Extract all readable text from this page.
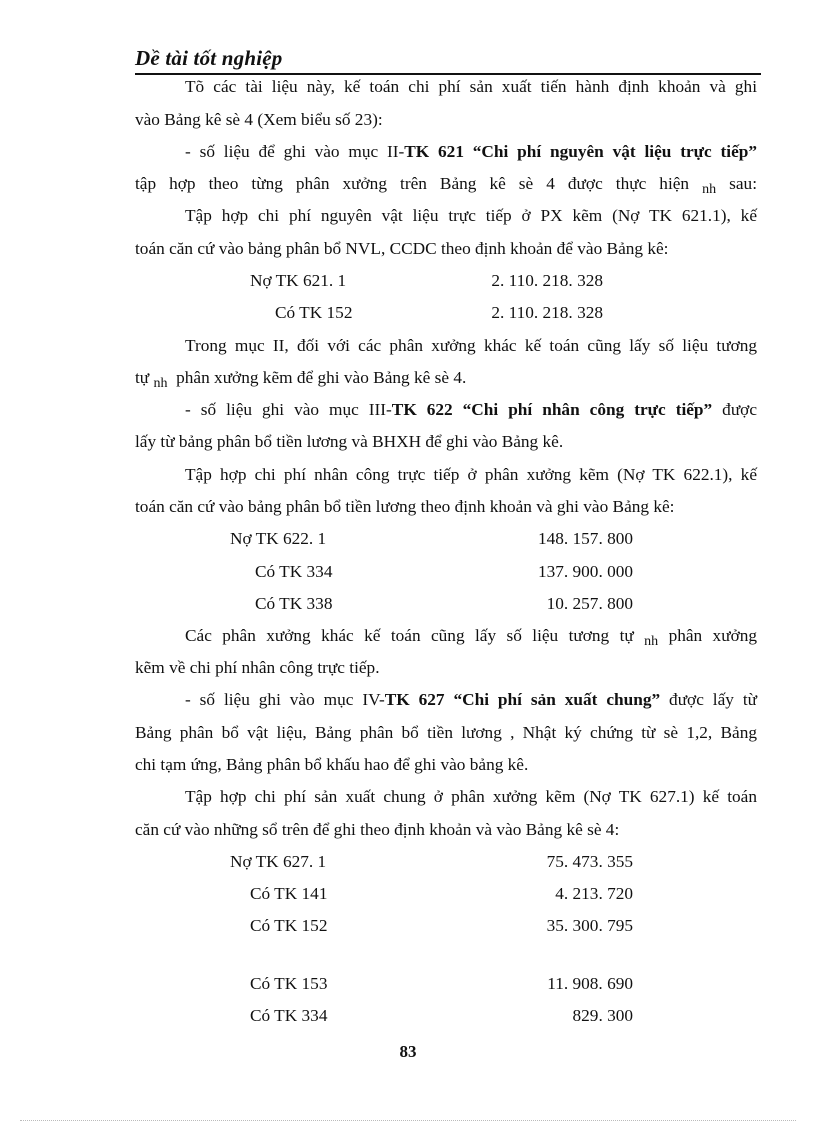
Dề tài tốt nghiệp
Tõ các tài liệu này, kế toán chi phí sản xuất tiến hành định khoản và ghi
vào Bảng kê sè 4 (Xem biểu số 23):
- số liệu để ghi vào mục II-TK 621 “Chi phí nguyên vật liệu trực tiếp”
tập hợp theo từng phân xưởng trên Bảng kê sè 4 được thực hiện $_{nh}$ sau:
Tập hợp chi phí nguyên vật liệu trực tiếp ở PX kẽm (Nợ TK 621.1), kế
toán căn cứ vào bảng phân bổ NVL, CCDC theo định khoản để vào Bảng kê:
Nợ TK 621. 1	2. 110. 218. 328
Có TK 152	2. 110. 218. 328
Trong mục II, đối với các phân xưởng khác kế toán cũng lấy số liệu tương
tự $_{nh}$ phân xưởng kẽm để ghi vào Bảng kê sè 4.
- số liệu ghi vào mục III-TK 622 “Chi phí nhân công trực tiếp” được
lấy từ bảng phân bổ tiền lương và BHXH để ghi vào Bảng kê.
Tập hợp chi phí nhân công trực tiếp ở phân xưởng kẽm (Nợ TK 622.1), kế
toán căn cứ vào bảng phân bổ tiền lương theo định khoản và ghi vào Bảng kê:
Nợ TK 622. 1	148. 157. 800
Có TK 334	137. 900. 000
Có TK 338	10. 257. 800
Các phân xưởng khác kế toán cũng lấy số liệu tương tự $_{nh}$ phân xưởng
kẽm về chi phí nhân công trực tiếp.
- số liệu ghi vào mục IV-TK 627 “Chi phí sản xuất chung” được lấy từ
Bảng phân bổ vật liệu, Bảng phân bổ tiền lương , Nhật ký chứng từ sè 1,2, Bảng
chi tạm ứng, Bảng phân bổ khấu hao để ghi vào bảng kê.
Tập hợp chi phí sản xuất chung ở phân xưởng kẽm (Nợ TK 627.1) kế toán
căn cứ vào những sổ trên để ghi theo định khoản và vào Bảng kê sè 4:
Nợ TK 627. 1	75. 473. 355
Có TK 141	4. 213. 720
Có TK 152	35. 300. 795
Có TK 153	11. 908. 690
Có TK 334	829. 300
83
